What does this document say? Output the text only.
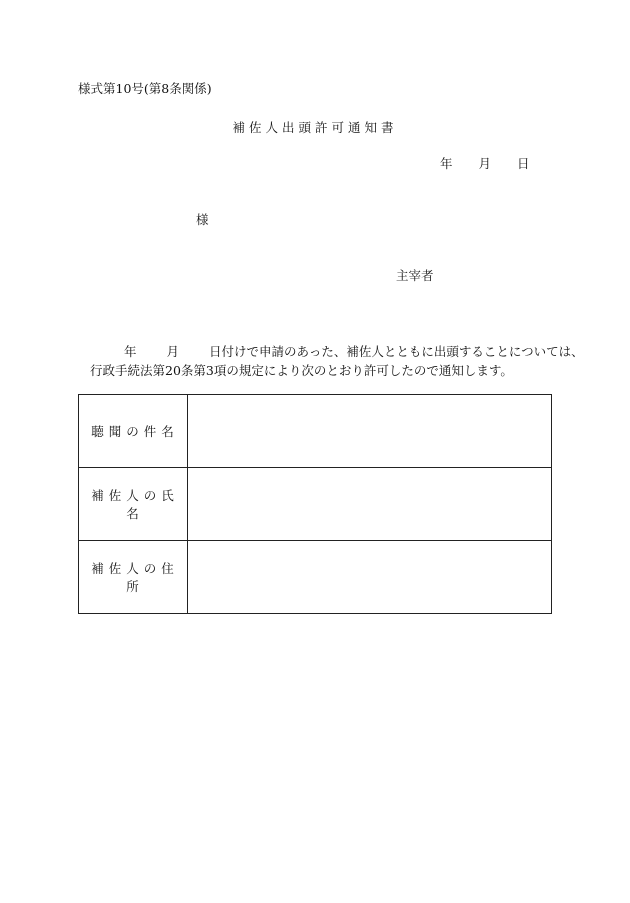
様式第10号(第8条関係)
補佐人出頭許可通知書
年 月 日
様
主宰者
年 月 日付けで申請のあった、補佐人とともに出頭することについては、
行政手続法第20条第3項の規定により次のとおり許可したので通知します。
聴聞の件名	
補佐人の氏名	
補佐人の住所	
